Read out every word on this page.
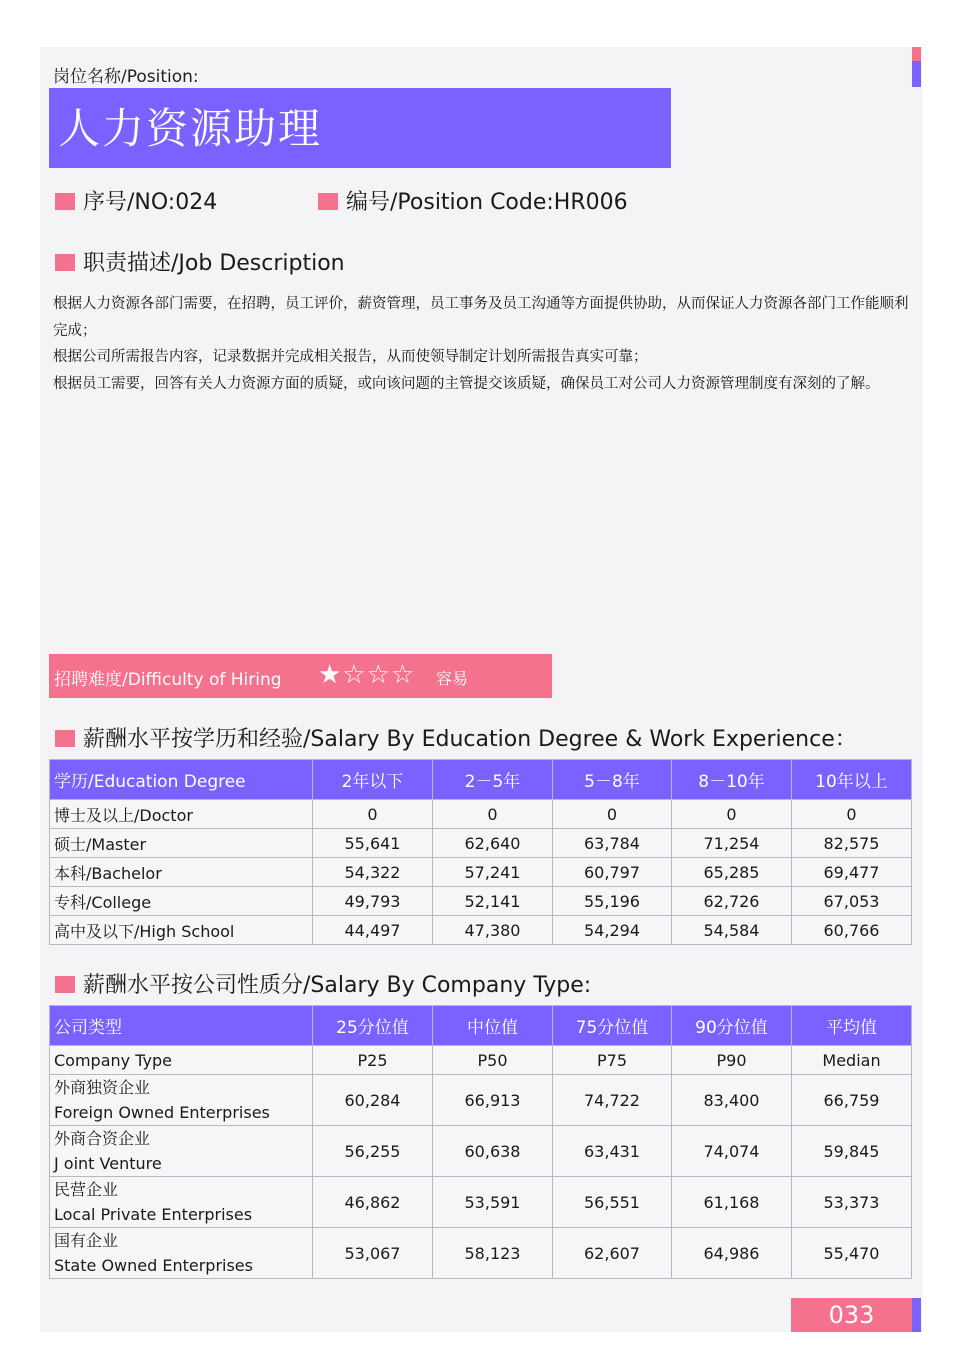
岗位名称/Position:
人力资源助理
序号/NO:024	编号/Position Code:HR006
职责描述/Job Description

根据人力资源各部门需要，在招聘，员工评价，薪资管理，员工事务及员工沟通等方面提供协助，从而保证人力资源各部门工作能顺利完成；

根据公司所需报告内容，记录数据并完成相关报告，从而使领导制定计划所需报告真实可靠；

根据员工需要，回答有关人力资源方面的质疑，或向该问题的主管提交该质疑，确保员工对公司人力资源管理制度有深刻的了解。

招聘难度/Difficulty of Hiring ★☆☆☆ 容易
薪酬水平按学历和经验/Salary By Education Degree & Work Experience：
学历/Education Degree	2年以下	2－5年	5－8年	8－10年	10年以上
博士及以上/Doctor	0	0	0	0	0
硕士/Master	55,641	62,640	63,784	71,254	82,575
本科/Bachelor	54,322	57,241	60,797	65,285	69,477
专科/College	49,793	52,141	55,196	62,726	67,053
高中及以下/High School	44,497	47,380	54,294	54,584	60,766
薪酬水平按公司性质分/Salary By Company Type:
公司类型	25分位值	中位值	75分位值	90分位值	平均值
Company Type	P25	P50	P75	P90	Median

外商独资企业
Foreign Owned Enterprises	60,284	66,913	74,722	83,400	66,759

外商合资企业
J oint Venture	56,255	60,638	63,431	74,074	59,845

民营企业
Local Private Enterprises	46,862	53,591	56,551	61,168	53,373

国有企业
State Owned Enterprises	53,067	58,123	62,607	64,986	55,470
033
